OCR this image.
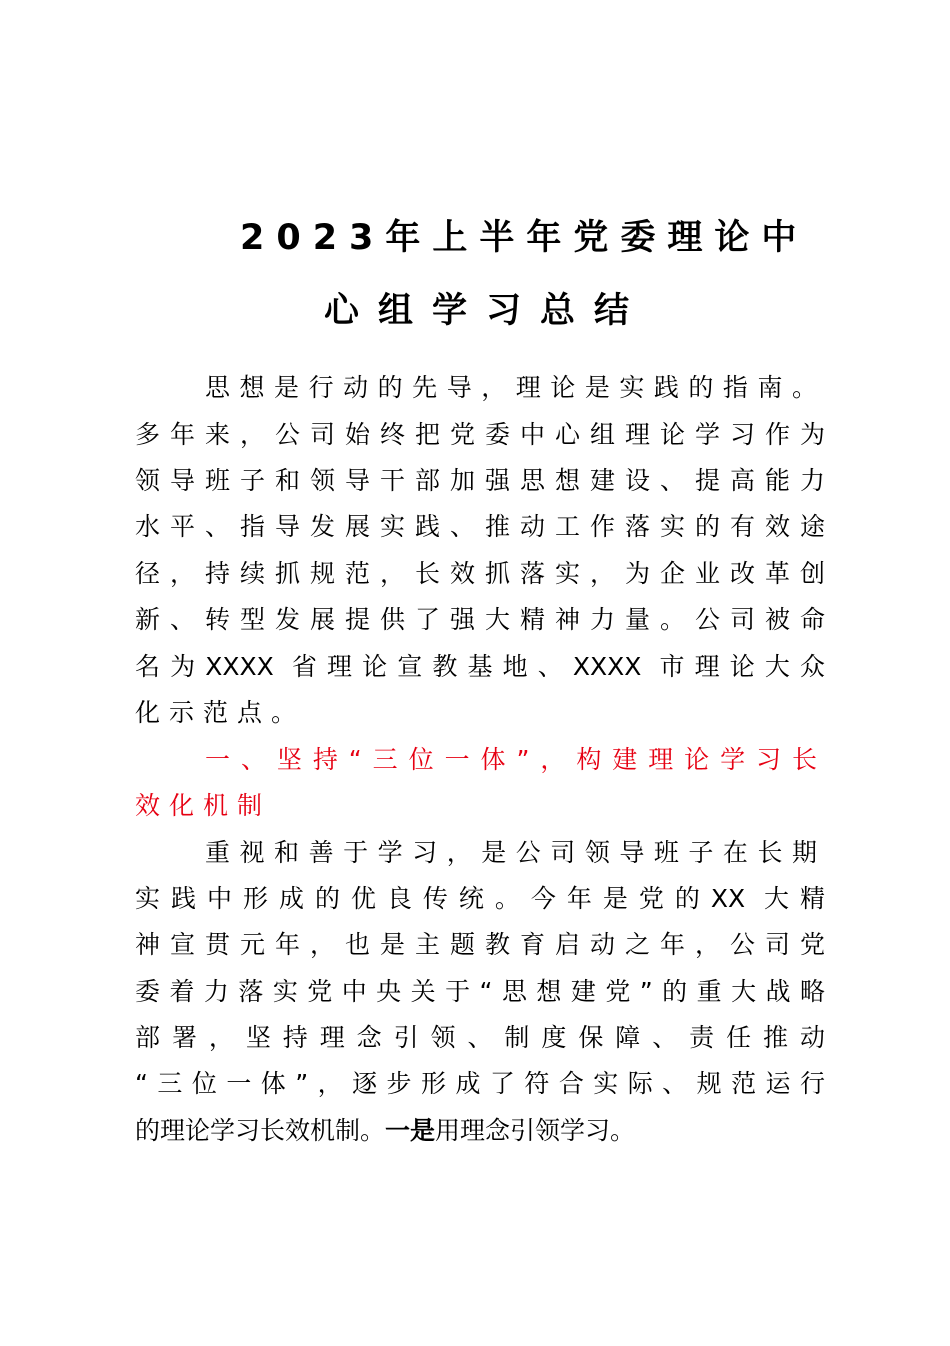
2023年上半年党委理论中
心组学习总结
思想是行动的先导，理论是实践的指南。
多年来，公司始终把党委中心组理论学习作为
领导班子和领导干部加强思想建设、提高能力
水平、指导发展实践、推动工作落实的有效途
径，持续抓规范，长效抓落实，为企业改革创
新、转型发展提供了强大精神力量。公司被命
名为XXXX 省理论宣教基地、XXXX 市理论大众
化示范点。
一、坚持“三位一体”，构建理论学习长
效化机制
重视和善于学习，是公司领导班子在长期
实践中形成的优良传统。今年是党的XX 大精
神宣贯元年，也是主题教育启动之年，公司党
委着力落实党中央关于“思想建党”的重大战略
部署，坚持理念引领、制度保障、责任推动
“三位一体”，逐步形成了符合实际、规范运行
的理论学习长效机制。一是用理念引领学习。
